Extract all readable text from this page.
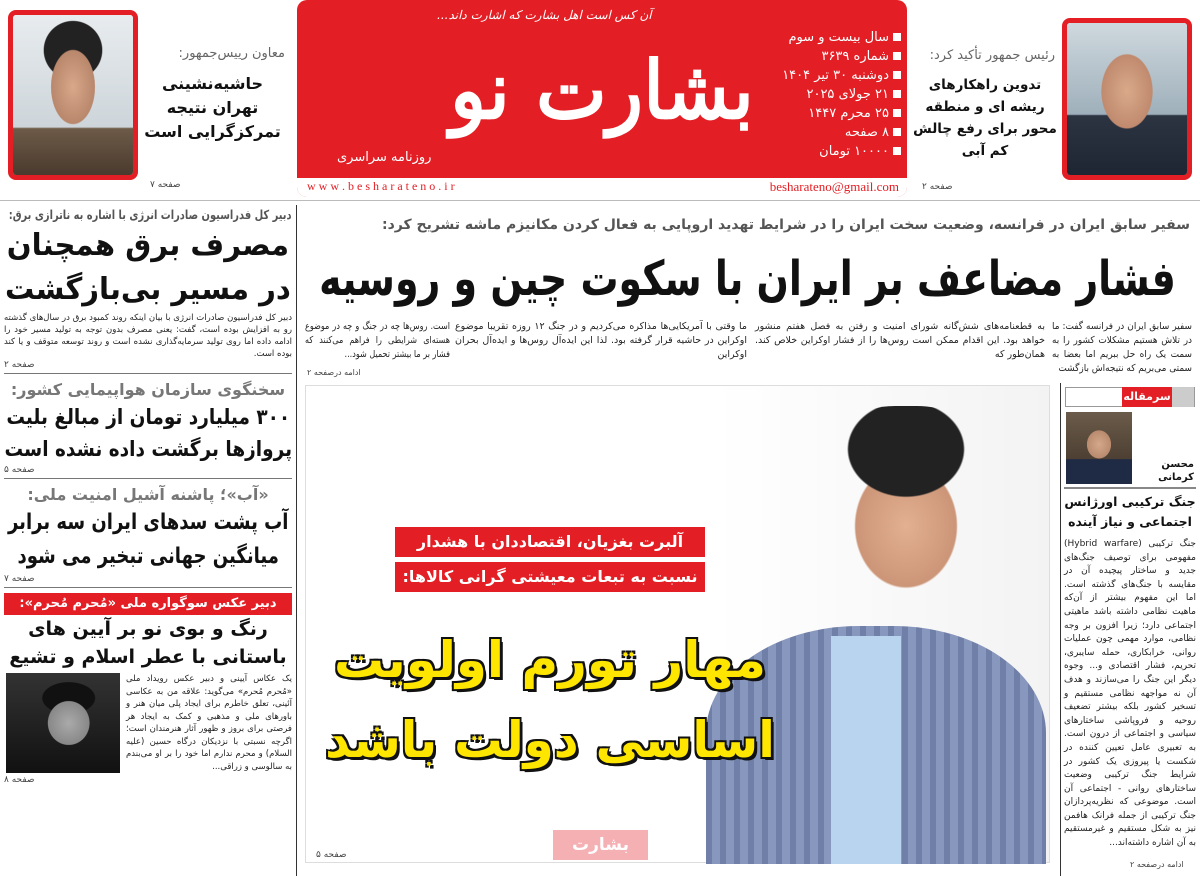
معاون رییس‌جمهور:
حاشیه‌نشینی تهران نتیجه تمرکزگرایی است
صفحه ۷
بشارت نو
آن کس است اهل بشارت که اشارت داند...
روزنامه سراسری
سال بیست و سوم
شماره ۳۶۳۹
دوشنبه ۳۰ تیر ۱۴۰۴
۲۱ جولای ۲۰۲۵
۲۵ محرم ۱۴۴۷
۸ صفحه
۱۰۰۰۰ تومان
w w w . b e s h a r a t e n o . i r	besharateno@gmail.com
رئیس جمهور تأکید کرد:
تدوین راهکارهای ریشه ای و منطقه محور برای رفع چالش کم آبی
صفحه ۲
سفیر سابق ایران در فرانسه، وضعیت سخت ایران را در شرایط تهدید اروپایی به فعال کردن مکانیزم ماشه تشریح کرد:
فشار مضاعف بر ایران با سکوت چین و روسیه
سفیر سابق ایران در فرانسه گفت: ما در تلاش هستیم مشکلات کشور را به سمت یک راه حل ببریم اما بعضا به سمتی می‌بریم که نتیجه‌اش بازگشت
به قطعنامه‌های شش‌گانه شورای امنیت و رفتن به فصل هفتم منشور خواهد بود. این اقدام ممکن است روس‌ها را از فشار اوکراین خلاص کند. همان‌طور که
ما وقتی با آمریکایی‌ها مذاکره می‌کردیم و در جنگ ۱۲ روزه تقریبا موضوع اوکراین در حاشیه قرار گرفته بود. لذا این ایده‌آل روس‌ها و ایده‌آل بحران اوکراین
است. روس‌ها چه در جنگ و چه در موضوع هسته‌ای شرایطی را فراهم می‌کنند که فشار بر ما بیشتر تحمیل شود...
ادامه درصفحه ۲
دبیر کل فدراسیون صادرات انرژی با اشاره به ناترازی برق:
مصرف برق همچنان در مسیر بی‌بازگشت
دبیر کل فدراسیون صادرات انرژی با بیان اینکه روند کمبود برق در سال‌های گذشته رو به افزایش بوده است، گفت: یعنی مصرف بدون توجه به تولید مسیر خود را ادامه داده اما روی تولید سرمایه‌گذاری نشده است و روند توسعه متوقف و یا کند بوده است.
صفحه ۲
سخنگوی سازمان هواپیمایی کشور:
۳۰۰ میلیارد تومان از مبالغ بلیت پروازها برگشت داده نشده است
صفحه ۵
«آب»؛ پاشنه آشیل امنیت ملی:
آب پشت سدهای ایران سه برابر میانگین جهانی تبخیر می شود
صفحه ۷
دبیر عکس سوگواره ملی «مُحرم مُحرم»:
رنگ و بوی نو بر آیین های باستانی با عطر اسلام و تشیع
یک عکاس آیینی و دبیر عکس رویداد ملی «مُحرم مُحرم» می‌گوید: علاقه من به عکاسی آئینی، تعلق خاطرم برای ایجاد پلی میان هنر و باورهای ملی و مذهبی و کمک به ایجاد هر فرصتی برای بروز و ظهور آثار هنرمندان است؛ اگرچه نسبتی با نزدیکان درگاه حسین (علیه السلام) و محرم ندارم اما خود را بر او می‌بندم به سالوسی و زراقی...
صفحه ۸
آلبرت بغزیان، اقتصاددان با هشدار
نسبت به تبعات معیشتی گرانی کالاها:
مهار تورم اولویت
اساسی دولت باشد
بشارت
صفحه ۵
سرمقاله
محسن کرمانی
جنگ ترکیبی اورژانس اجتماعی و نیاز آینده
جنگ ترکیبی (Hybrid warfare) مفهومی برای توصیف جنگ‌های جدید و ساختار پیچیده آن در مقایسه با جنگ‌های گذشته است. اما این مفهوم بیشتر از آن‌که ماهیت نظامی داشته باشد ماهیتی اجتماعی دارد؛ زیرا افزون بر وجه نظامی، موارد مهمی چون عملیات روانی، خرابکاری، حمله سایبری، تحریم، فشار اقتصادی و... وجوه دیگر این جنگ را می‌سازند و هدف آن نه مواجهه نظامی مستقیم و تسخیر کشور بلکه بیشتر تضعیف روحیه و فروپاشی ساختارهای سیاسی و اجتماعی از درون است. به تعبیری عامل تعیین کننده در شکست یا پیروزی یک کشور در شرایط جنگ ترکیبی وضعیت ساختارهای روانی - اجتماعی آن است. موضوعی که نظریه‌پردازان جنگ ترکیبی از جمله فرانک هافمن نیز به شکل مستقیم و غیرمستقیم به آن اشاره داشته‌اند...
ادامه درصفحه ۲
